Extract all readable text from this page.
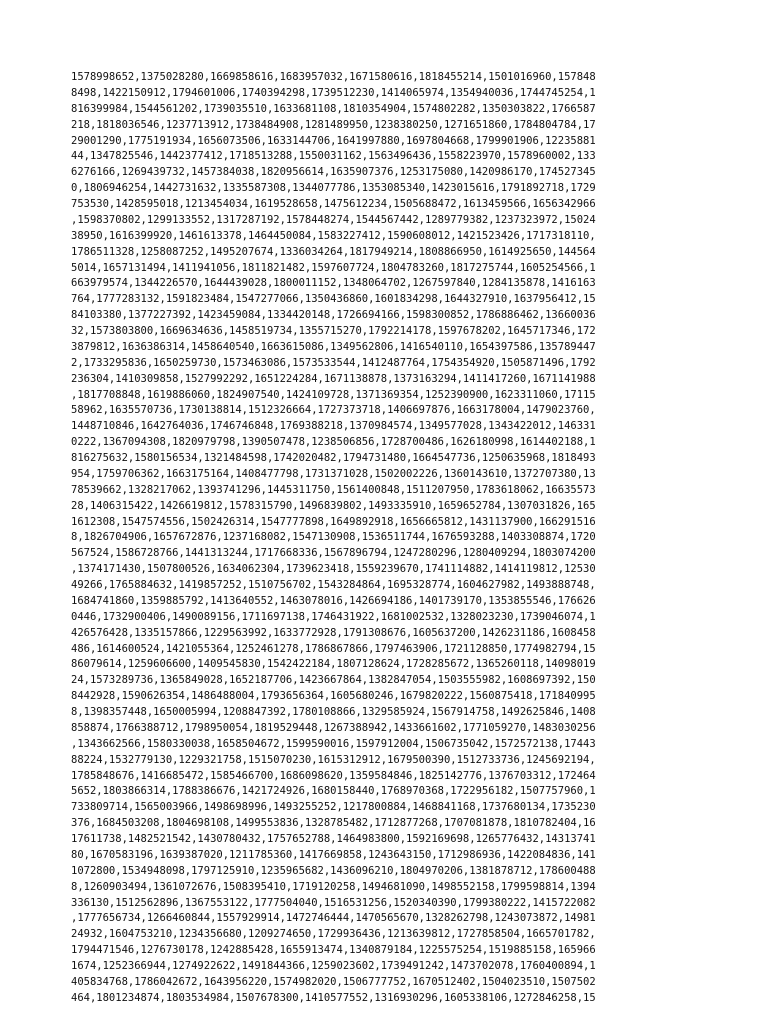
1578998652,1375028280,1669858616,1683957032,1671580616,1818455214,1501016960,157848
8498,1422150912,1794601006,1740394298,1739512230,1414065974,1354940036,1744745254,1
816399984,1544561202,1739035510,1633681108,1810354904,1574802282,1350303822,1766587
218,1818036546,1237713912,1738484908,1281489950,1238380250,1271651860,1784804784,17
29001290,1775191934,1656073506,1633144706,1641997880,1697804668,1799901906,12235881
44,1347825546,1442377412,1718513288,1550031162,1563496436,1558223970,1578960002,133
6276166,1269439732,1457384038,1820956614,1635907376,1253175080,1420986170,174527345
0,1806946254,1442731632,1335587308,1344077786,1353085340,1423015616,1791892718,1729
753530,1428595018,1213454034,1619528658,1475612234,1505688472,1613459566,1656342966
,1598370802,1299133552,1317287192,1578448274,1544567442,1289779382,1237323972,15024
38950,1616399920,1461613378,1464450084,1583227412,1590608012,1421523426,1717318110,
1786511328,1258087252,1495207674,1336034264,1817949214,1808866950,1614925650,144564
5014,1657131494,1411941056,1811821482,1597607724,1804783260,1817275744,1605254566,1
663979574,1344226570,1644439028,1800011152,1348064702,1267597840,1284135878,1416163
764,1777283132,1591823484,1547277066,1350436860,1601834298,1644327910,1637956412,15
84103380,1377227392,1423459084,1334420148,1726694166,1598300852,1786886462,13660036
32,1573803800,1669634636,1458519734,1355715270,1792214178,1597678202,1645717346,172
3879812,1636386314,1458640540,1663615086,1349562806,1416540110,1654397586,135789447
2,1733295836,1650259730,1573463086,1573533544,1412487764,1754354920,1505871496,1792
236304,1410309858,1527992292,1651224284,1671138878,1373163294,1411417260,1671141988
,1817708848,1619886060,1824907540,1424109728,1371369354,1252390900,1623311060,17115
58962,1635570736,1730138814,1512326664,1727373718,1406697876,1663178004,1479023760,
1448710846,1642764036,1746746848,1769388218,1370984574,1349577028,1343422012,146331
0222,1367094308,1820979798,1390507478,1238506856,1728700486,1626180998,1614402188,1
816275632,1580156534,1321484598,1742020482,1794731480,1664547736,1250635968,1818493
954,1759706362,1663175164,1408477798,1731371028,1502002226,1360143610,1372707380,13
78539662,1328217062,1393741296,1445311750,1561400848,1511207950,1783618062,16635573
28,1406315422,1426619812,1578315790,1496839802,1493335910,1659652784,1307031826,165
1612308,1547574556,1502426314,1547777898,1649892918,1656665812,1431137900,166291516
8,1826704906,1657672876,1237168082,1547130908,1536511744,1676593288,1403308874,1720
567524,1586728766,1441313244,1717668336,1567896794,1247280296,1280409294,1803074200
,1374171430,1507800526,1634062304,1739623418,1559239670,1741114882,1414119812,12530
49266,1765884632,1419857252,1510756702,1543284864,1695328774,1604627982,1493888748,
1684741860,1359885792,1413640552,1463078016,1426694186,1401739170,1353855546,176626
0446,1732900406,1490089156,1711697138,1746431922,1681002532,1328023230,1739046074,1
426576428,1335157866,1229563992,1633772928,1791308676,1605637200,1426231186,1608458
486,1614600524,1421055364,1252461278,1786867866,1797463906,1721128850,1774982794,15
86079614,1259606600,1409545830,1542422184,1807128624,1728285672,1365260118,14098019
24,1573289736,1365849028,1652187706,1423667864,1382847054,1503555982,1608697392,150
8442928,1590626354,1486488004,1793656364,1605680246,1679820222,1560875418,171840995
8,1398357448,1650005994,1208847392,1780108866,1329585924,1567914758,1492625846,1408
858874,1766388712,1798950054,1819529448,1267388942,1433661602,1771059270,1483030256
,1343662566,1580330038,1658504672,1599590016,1597912004,1506735042,1572572138,17443
88224,1532779130,1229321758,1515070230,1615312912,1679500390,1512733736,1245692194,
1785848676,1416685472,1585466700,1686098620,1359584846,1825142776,1376703312,172464
5652,1803866314,1788386676,1421724926,1680158440,1768970368,1722956182,1507757960,1
733809714,1565003966,1498698996,1493255252,1217800884,1468841168,1737680134,1735230
376,1684503208,1804698108,1499553836,1328785482,1712877268,1707081878,1810782404,16
17611738,1482521542,1430780432,1757652788,1464983800,1592169698,1265776432,14313741
80,1670583196,1639387020,1211785360,1417669858,1243643150,1712986936,1422084836,141
1072800,1534948098,1797125910,1235965682,1436096210,1804970206,1381878712,178600488
8,1260903494,1361072676,1508395410,1719120258,1494681090,1498552158,1799598814,1394
336130,1512562896,1367553122,1777504040,1516531256,1520340390,1799380222,1415722082
,1777656734,1266460844,1557929914,1472746444,1470565670,1328262798,1243073872,14981
24932,1604753210,1234356680,1209274650,1729936436,1213639812,1727858504,1665701782,
1794471546,1276730178,1242885428,1655913474,1340879184,1225575254,1519885158,165966
1674,1252366944,1274922622,1491844366,1259023602,1739491242,1473702078,1760400894,1
405834768,1786042672,1643956220,1574982020,1506777752,1670512402,1504023510,1507502
464,1801234874,1803534984,1507678300,1410577552,1316930296,1605338106,1272846258,15
